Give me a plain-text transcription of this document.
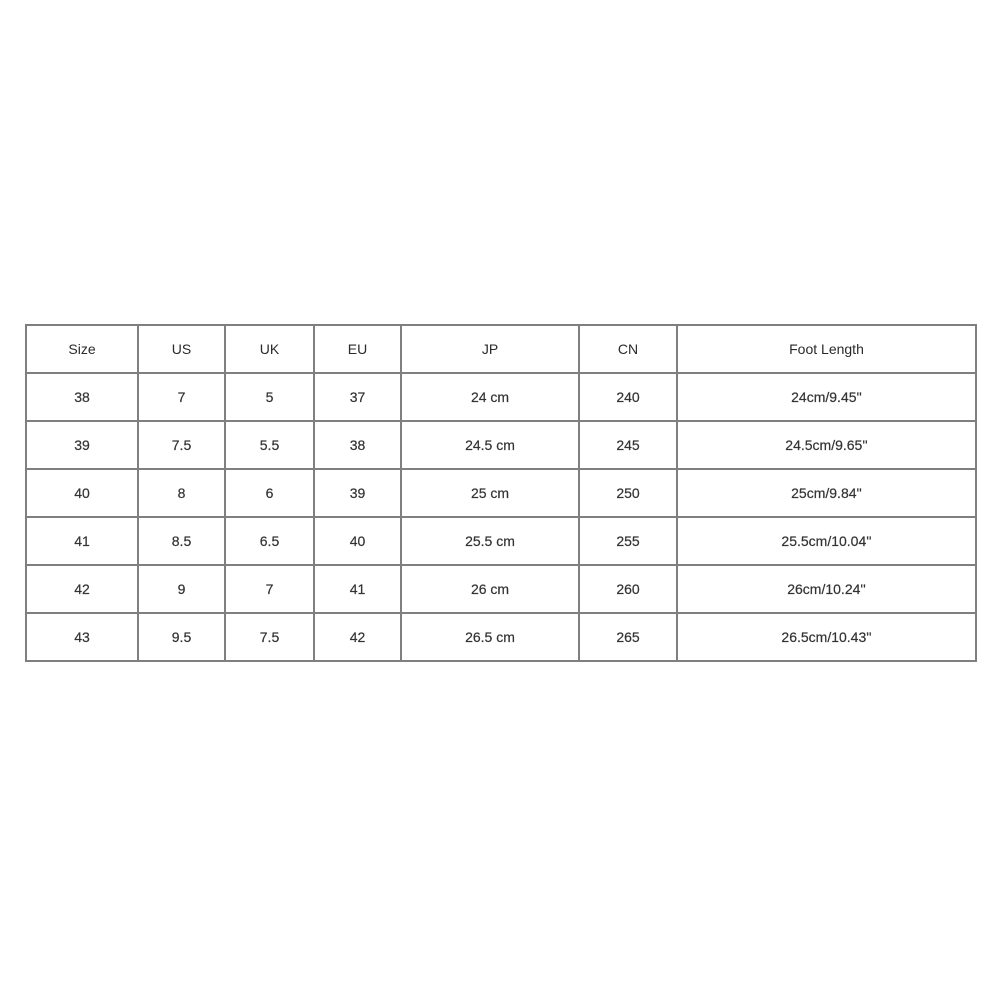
Size	US	UK	EU	JP	CN	Foot Length
38	7	5	37	24 cm	240	24cm/9.45''
39	7.5	5.5	38	24.5 cm	245	24.5cm/9.65''
40	8	6	39	25 cm	250	25cm/9.84''
41	8.5	6.5	40	25.5 cm	255	25.5cm/10.04''
42	9	7	41	26 cm	260	26cm/10.24''
43	9.5	7.5	42	26.5 cm	265	26.5cm/10.43''
